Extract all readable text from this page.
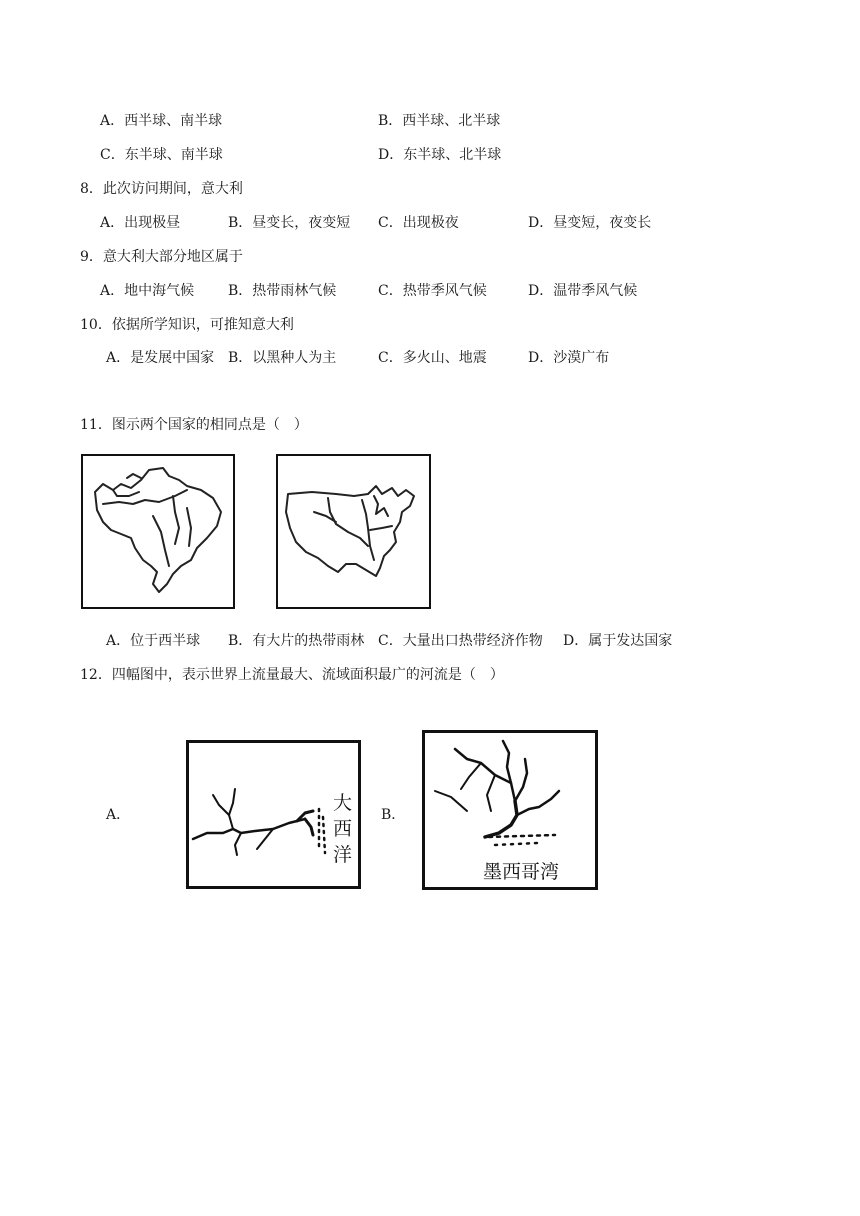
A．西半球、南半球	B．西半球、北半球
C．东半球、南半球	D．东半球、北半球
8．此次访问期间，意大利
A．出现极昼	B．昼变长，夜变短 C．出现极夜	D．昼变短，夜变长
9．意大利大部分地区属于
A．地中海气候 B．热带雨林气候	C．热带季风气候	D．温带季风气候
10．依据所学知识，可推知意大利
A．是发展中国家 B．以黑种人为主	C．多火山、地震	D．沙漠广布
11．图示两个国家的相同点是（　）
A．位于西半球 B．有大片的热带雨林 C．大量出口热带经济作物 D．属于发达国家
12．四幅图中，表示世界上流量最大、流域面积最广的河流是（　）
A．
大
西
洋
B．
墨西哥湾
